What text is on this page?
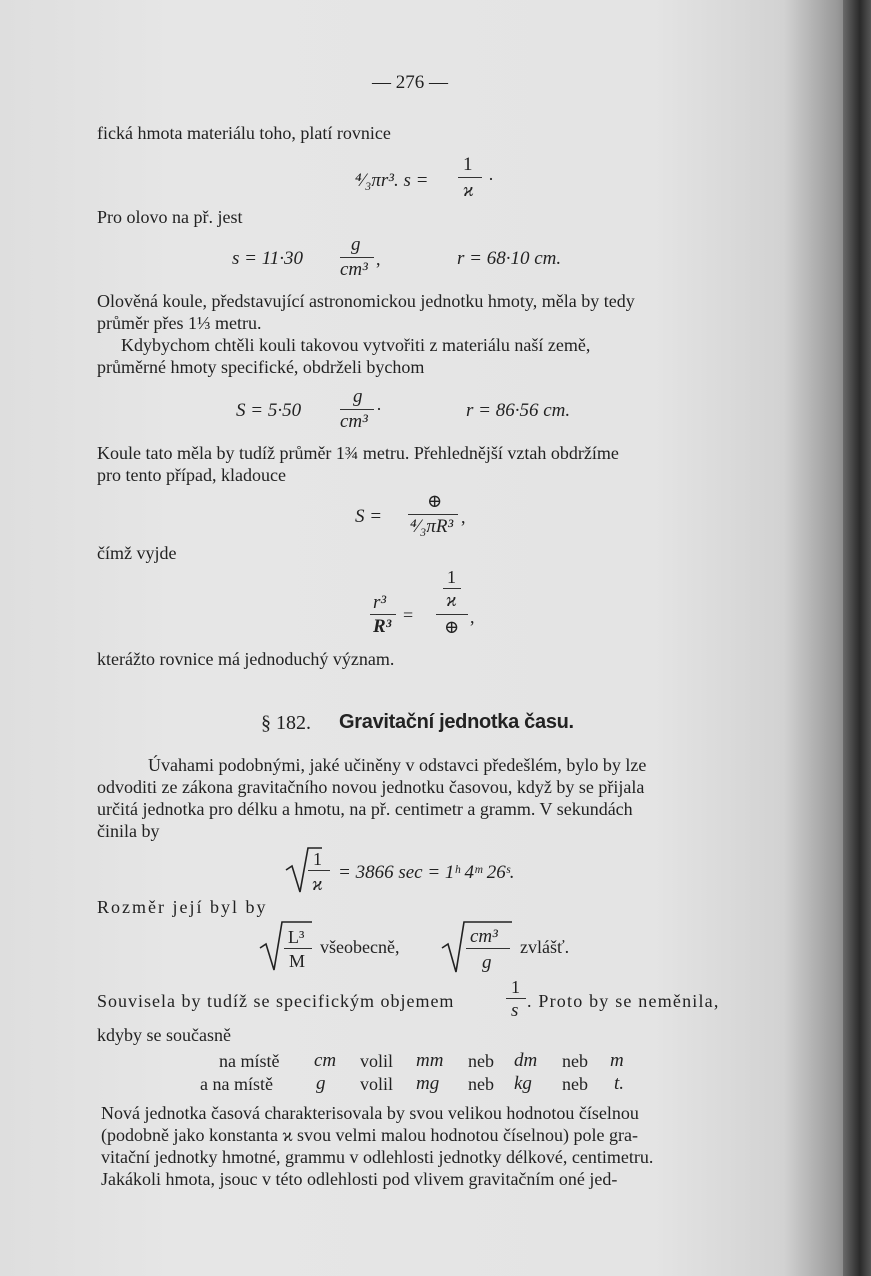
— 276 —
fická hmota materiálu toho, platí rovnice
⁴⁄₃πr³. s =
1
ϰ
·
Pro olovo na př. jest
s = 11·30
g
cm³ ,	r = 68·10 cm.
Olověná koule, představující astronomickou jednotku hmoty, měla by tedy
průměr přes 1⅓ metru.
Kdybychom chtěli kouli takovou vytvořiti z materiálu naší země,
průměrné hmoty specifické, obdrželi bychom
S = 5·50
g
cm³
·	r = 86·56 cm.
Koule tato měla by tudíž průměr 1¾ metru. Přehlednější vztah obdržíme
pro tento případ, kladouce
S =
⊕
⁴⁄₃πR³ ,
čímž vyjde
r³
R³
=
1
ϰ
⊕ ,
kterážto rovnice má jednoduchý význam.
§ 182. Gravitační jednotka času.
Úvahami podobnými, jaké učiněny v odstavci předešlém, bylo by lze
odvoditi ze zákona gravitačního novou jednotku časovou, když by se přijala
určitá jednotka pro délku a hmotu, na př. centimetr a gramm. V sekundách
činila by
1
ϰ
= 3866 sec = 1ʰ 4ᵐ 26ˢ.
Rozměr její byl by
L³
M
všeobecně,	cm³
g
zvlášť.
Souvisela by tudíž se specifickým objemem
1
s . Proto by se neměnila,
kdyby se současně
na místě cm volil mm neb dm neb m
a na místě g volil mg neb kg neb t.
Nová jednotka časová charakterisovala by svou velikou hodnotou číselnou
(podobně jako konstanta ϰ svou velmi malou hodnotou číselnou) pole gra-
vitační jednotky hmotné, grammu v odlehlosti jednotky délkové, centimetru.
Jakákoli hmota, jsouc v této odlehlosti pod vlivem gravitačním oné jed-
